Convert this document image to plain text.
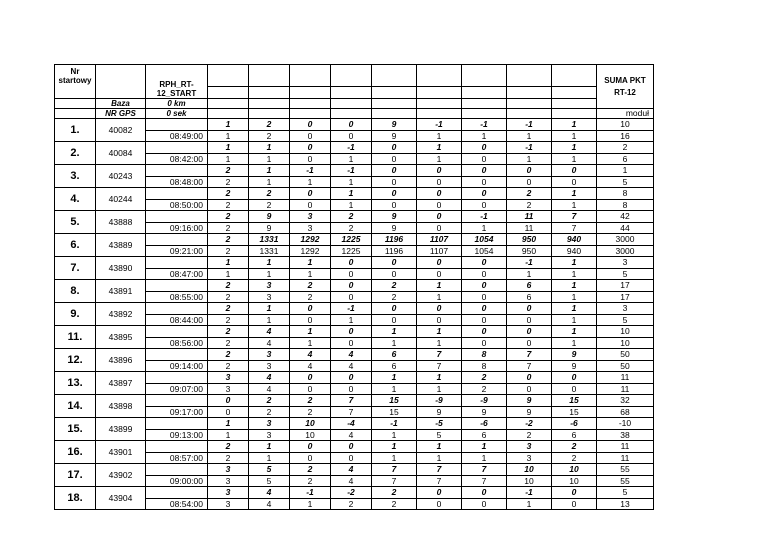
Nr startowy		RPH_RT-12_START										SUMA PKT RT-12

	Baza	0 km										
	NR GPS	0 sek										moduł
1.	40082		1	2	0	0	9	-1	-1	-1	1	10
		08:49:00	1	2	0	0	9	1	1	1	1	16
2.	40084		1	1	0	-1	0	1	0	-1	1	2
		08:42:00	1	1	0	1	0	1	0	1	1	6
3.	40243		2	1	-1	-1	0	0	0	0	0	1
		08:48:00	2	1	1	1	0	0	0	0	0	5
4.	40244		2	2	0	1	0	0	0	2	1	8
		08:50:00	2	2	0	1	0	0	0	2	1	8
5.	43888		2	9	3	2	9	0	-1	11	7	42
		09:16:00	2	9	3	2	9	0	1	11	7	44
6.	43889		2	1331	1292	1225	1196	1107	1054	950	940	3000
		09:21:00	2	1331	1292	1225	1196	1107	1054	950	940	3000
7.	43890		1	1	1	0	0	0	0	-1	1	3
		08:47:00	1	1	1	0	0	0	0	1	1	5
8.	43891		2	3	2	0	2	1	0	6	1	17
		08:55:00	2	3	2	0	2	1	0	6	1	17
9.	43892		2	1	0	-1	0	0	0	0	1	3
		08:44:00	2	1	0	1	0	0	0	0	1	5
11.	43895		2	4	1	0	1	1	0	0	1	10
		08:56:00	2	4	1	0	1	1	0	0	1	10
12.	43896		2	3	4	4	6	7	8	7	9	50
		09:14:00	2	3	4	4	6	7	8	7	9	50
13.	43897		3	4	0	0	1	1	2	0	0	11
		09:07:00	3	4	0	0	1	1	2	0	0	11
14.	43898		0	2	2	7	15	-9	-9	9	15	32
		09:17:00	0	2	2	7	15	9	9	9	15	68
15.	43899		1	3	10	-4	-1	-5	-6	-2	-6	-10
		09:13:00	1	3	10	4	1	5	6	2	6	38
16.	43901		2	1	0	0	1	1	1	3	2	11
		08:57:00	2	1	0	0	1	1	1	3	2	11
17.	43902		3	5	2	4	7	7	7	10	10	55
		09:00:00	3	5	2	4	7	7	7	10	10	55
18.	43904		3	4	-1	-2	2	0	0	-1	0	5
		08:54:00	3	4	1	2	2	0	0	1	0	13
